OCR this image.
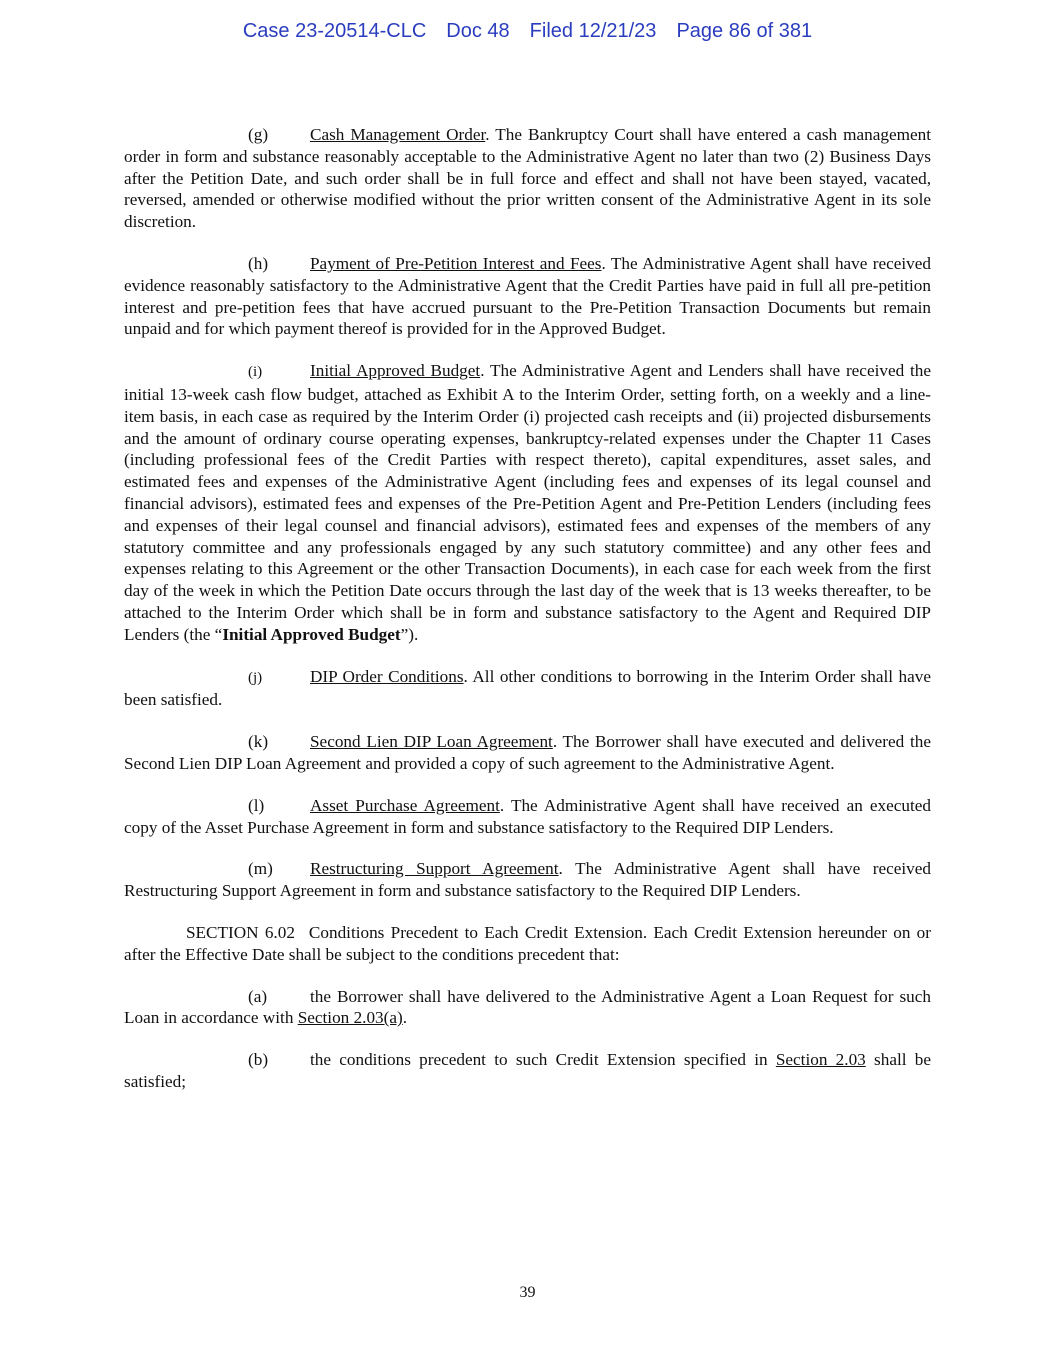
Case 23-20514-CLC Doc 48 Filed 12/21/23 Page 86 of 381

(g) Cash Management Order. The Bankruptcy Court shall have entered a cash management order in form and substance reasonably acceptable to the Administrative Agent no later than two (2) Business Days after the Petition Date, and such order shall be in full force and effect and shall not have been stayed, vacated, reversed, amended or otherwise modified without the prior written consent of the Administrative Agent in its sole discretion.

(h) Payment of Pre-Petition Interest and Fees. The Administrative Agent shall have received evidence reasonably satisfactory to the Administrative Agent that the Credit Parties have paid in full all pre-petition interest and pre-petition fees that have accrued pursuant to the Pre-Petition Transaction Documents but remain unpaid and for which payment thereof is provided for in the Approved Budget.

(i)	Initial Approved Budget. The Administrative Agent and Lenders shall have received the initial 13-week cash flow budget, attached as Exhibit A to the Interim Order, setting forth, on a weekly and a line-item basis, in each case as required by the Interim Order (i) projected cash receipts and (ii) projected disbursements and the amount of ordinary course operating expenses, bankruptcy-related expenses under the Chapter 11 Cases (including professional fees of the Credit Parties with respect thereto), capital expenditures, asset sales, and estimated fees and expenses of the Administrative Agent (including fees and expenses of its legal counsel and financial advisors), estimated fees and expenses of the Pre-Petition Agent and Pre-Petition Lenders (including fees and expenses of their legal counsel and financial advisors), estimated fees and expenses of the members of any statutory committee and any professionals engaged by any such statutory committee) and any other fees and expenses relating to this Agreement or the other Transaction Documents), in each case for each week from the first day of the week in which the Petition Date occurs through the last day of the week that is 13 weeks thereafter, to be attached to the Interim Order which shall be in form and substance satisfactory to the Agent and Required DIP Lenders (the “Initial Approved Budget”).

(j)	DIP Order Conditions. All other conditions to borrowing in the Interim Order shall have been satisfied.

(k) Second Lien DIP Loan Agreement. The Borrower shall have executed and delivered the Second Lien DIP Loan Agreement and provided a copy of such agreement to the Administrative Agent.

(l)	Asset Purchase Agreement. The Administrative Agent shall have received an executed copy of the Asset Purchase Agreement in form and substance satisfactory to the Required DIP Lenders.

(m) Restructuring Support Agreement. The Administrative Agent shall have received Restructuring Support Agreement in form and substance satisfactory to the Required DIP Lenders.

SECTION 6.02 Conditions Precedent to Each Credit Extension. Each Credit Extension hereunder on or after the Effective Date shall be subject to the conditions precedent that:

(a) the Borrower shall have delivered to the Administrative Agent a Loan Request for such Loan in accordance with Section 2.03(a).

(b) the conditions precedent to such Credit Extension specified in Section 2.03 shall be satisfied;

39
